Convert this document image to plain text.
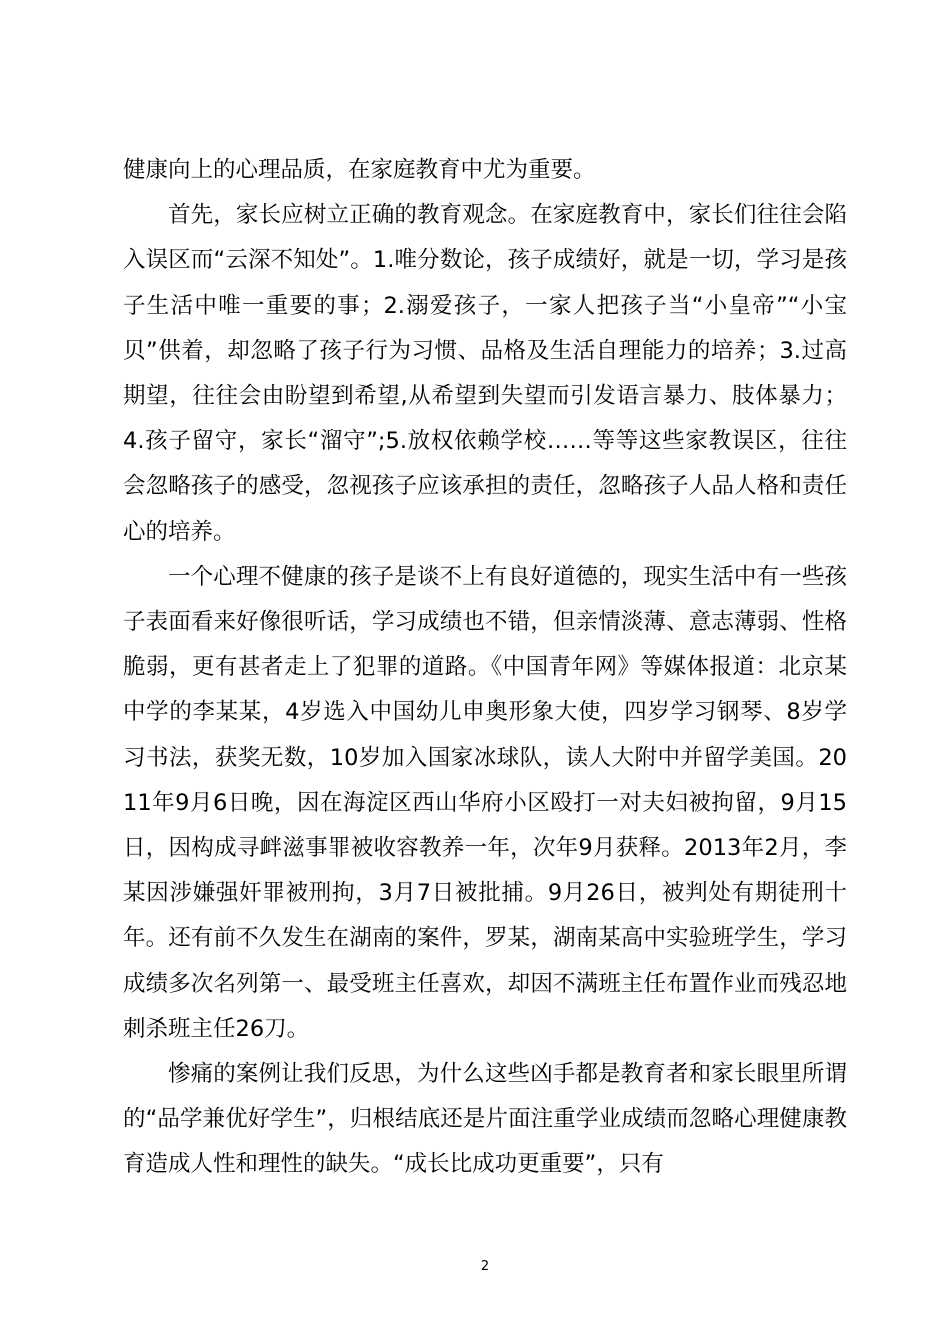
健康向上的心理品质，在家庭教育中尤为重要。

首先，家长应树立正确的教育观念。在家庭教育中，家长们往往会陷入误区而“云深不知处”。1.唯分数论，孩子成绩好，就是一切，学习是孩子生活中唯一重要的事；2.溺爱孩子，一家人把孩子当“小皇帝”“小宝贝”供着，却忽略了孩子行为习惯、品格及生活自理能力的培养；3.过高期望，往往会由盼望到希望,从希望到失望而引发语言暴力、肢体暴力；4.孩子留守，家长“溜守”;5.放权依赖学校……等等这些家教误区，往往会忽略孩子的感受，忽视孩子应该承担的责任，忽略孩子人品人格和责任心的培养。

一个心理不健康的孩子是谈不上有良好道德的，现实生活中有一些孩子表面看来好像很听话，学习成绩也不错，但亲情淡薄、意志薄弱、性格脆弱，更有甚者走上了犯罪的道路。《中国青年网》等媒体报道：北京某中学的李某某，4岁选入中国幼儿申奥形象大使，四岁学习钢琴、8岁学习书法，获奖无数，10岁加入国家冰球队，读人大附中并留学美国。2011年9月6日晚，因在海淀区西山华府小区殴打一对夫妇被拘留，9月15日，因构成寻衅滋事罪被收容教养一年，次年9月获释。2013年2月，李某因涉嫌强奸罪被刑拘，3月7日被批捕。9月26日，被判处有期徒刑十年。还有前不久发生在湖南的案件，罗某，湖南某高中实验班学生，学习成绩多次名列第一、最受班主任喜欢，却因不满班主任布置作业而残忍地刺杀班主任26刀。

惨痛的案例让我们反思，为什么这些凶手都是教育者和家长眼里所谓的“品学兼优好学生”，归根结底还是片面注重学业成绩而忽略心理健康教育造成人性和理性的缺失。“成长比成功更重要”，只有

2
